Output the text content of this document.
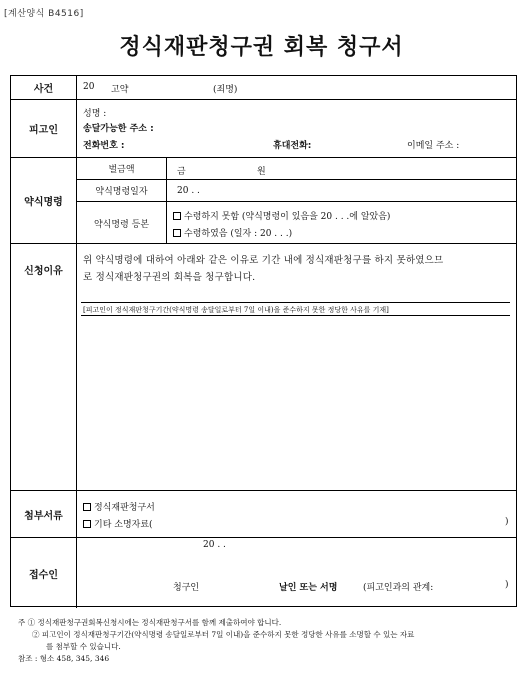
[계산양식 B4516]
정식재판청구권 회복 청구서
사건	20 고약	(죄명)
피고인
성명 :
송달가능한 주소 :
전화번호 :	휴대전화:	이메일 주소 :
약식명령
벌금액	금	원
약식명령일자	20 . .
약식명령 등본
수령하지 못함 (약식명령이 있음을 20 . . .에 알았음)
수령하였음 (일자 : 20 . . .)
신청이유
위 약식명령에 대하여 아래와 같은 이유로 기간 내에 정식재판청구를 하지 못하였으므
로 정식재판청구권의 회복을 청구합니다.
[피고인이 정식재판청구기간(약식명령 송달일로부터 7일 이내)을 준수하지 못한 정당한 사유를 기재]
첨부서류
정식재판청구서
기타 소명자료(	)
접수인
20 . .
청구인	날인 또는 서명	(피고인과의 관계:	)
주 ① 정식재판청구권회복신청시에는 정식재판청구서를 함께 제출하여야 합니다.
② 피고인이 정식재판청구기간(약식명령 송달일로부터 7일 이내)을 준수하지 못한 정당한 사유를 소명할 수 있는 자료
를 첨부할 수 있습니다.
참조 : 형소 458, 345, 346
